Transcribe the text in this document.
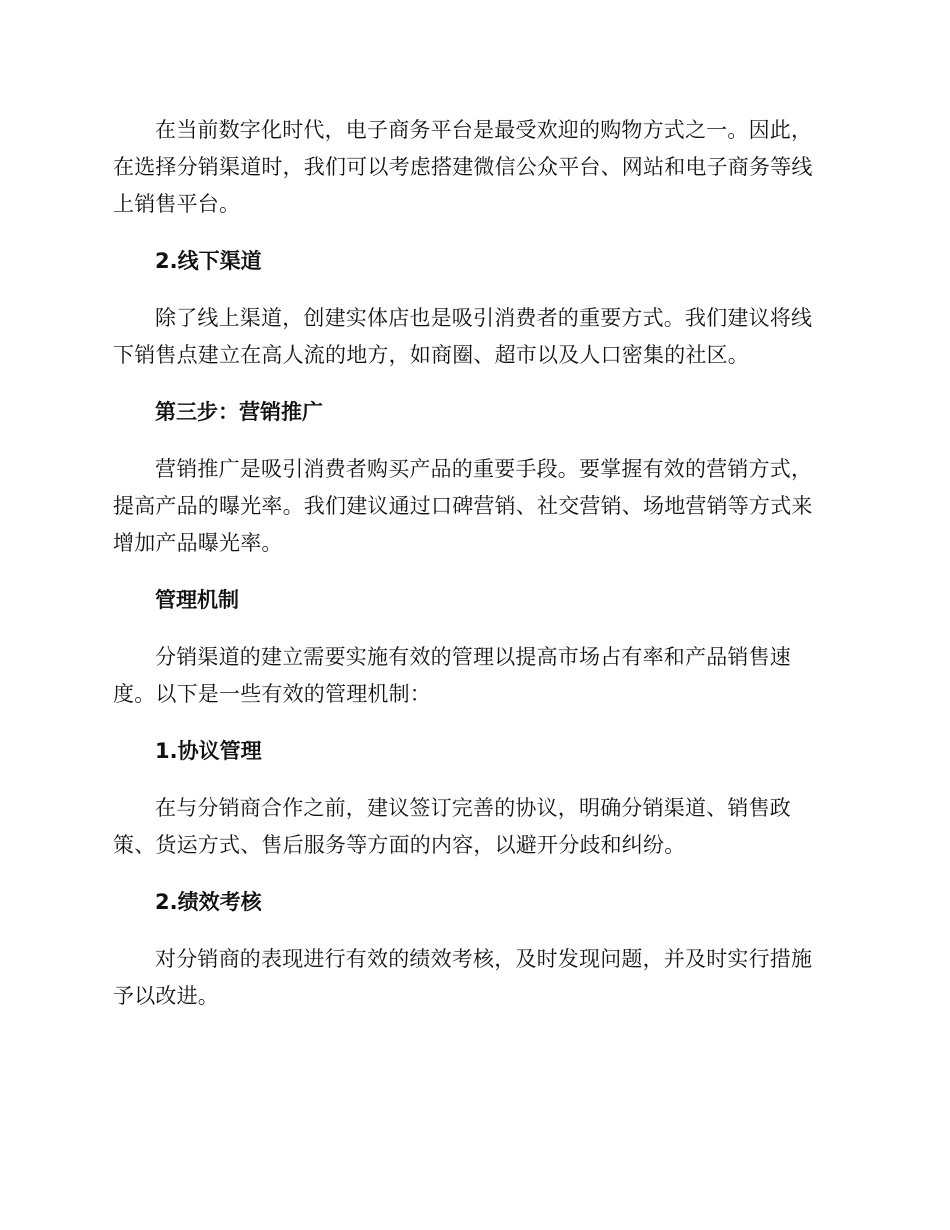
在当前数字化时代，电子商务平台是最受欢迎的购物方式之一。因此，在选择分销渠道时，我们可以考虑搭建微信公众平台、网站和电子商务等线上销售平台。

2.线下渠道

除了线上渠道，创建实体店也是吸引消费者的重要方式。我们建议将线下销售点建立在高人流的地方，如商圈、超市以及人口密集的社区。

第三步：营销推广

营销推广是吸引消费者购买产品的重要手段。要掌握有效的营销方式，提高产品的曝光率。我们建议通过口碑营销、社交营销、场地营销等方式来增加产品曝光率。

管理机制

分销渠道的建立需要实施有效的管理以提高市场占有率和产品销售速度。以下是一些有效的管理机制：

1.协议管理

在与分销商合作之前，建议签订完善的协议，明确分销渠道、销售政策、货运方式、售后服务等方面的内容，以避开分歧和纠纷。

2.绩效考核

对分销商的表现进行有效的绩效考核，及时发现问题，并及时实行措施予以改进。
